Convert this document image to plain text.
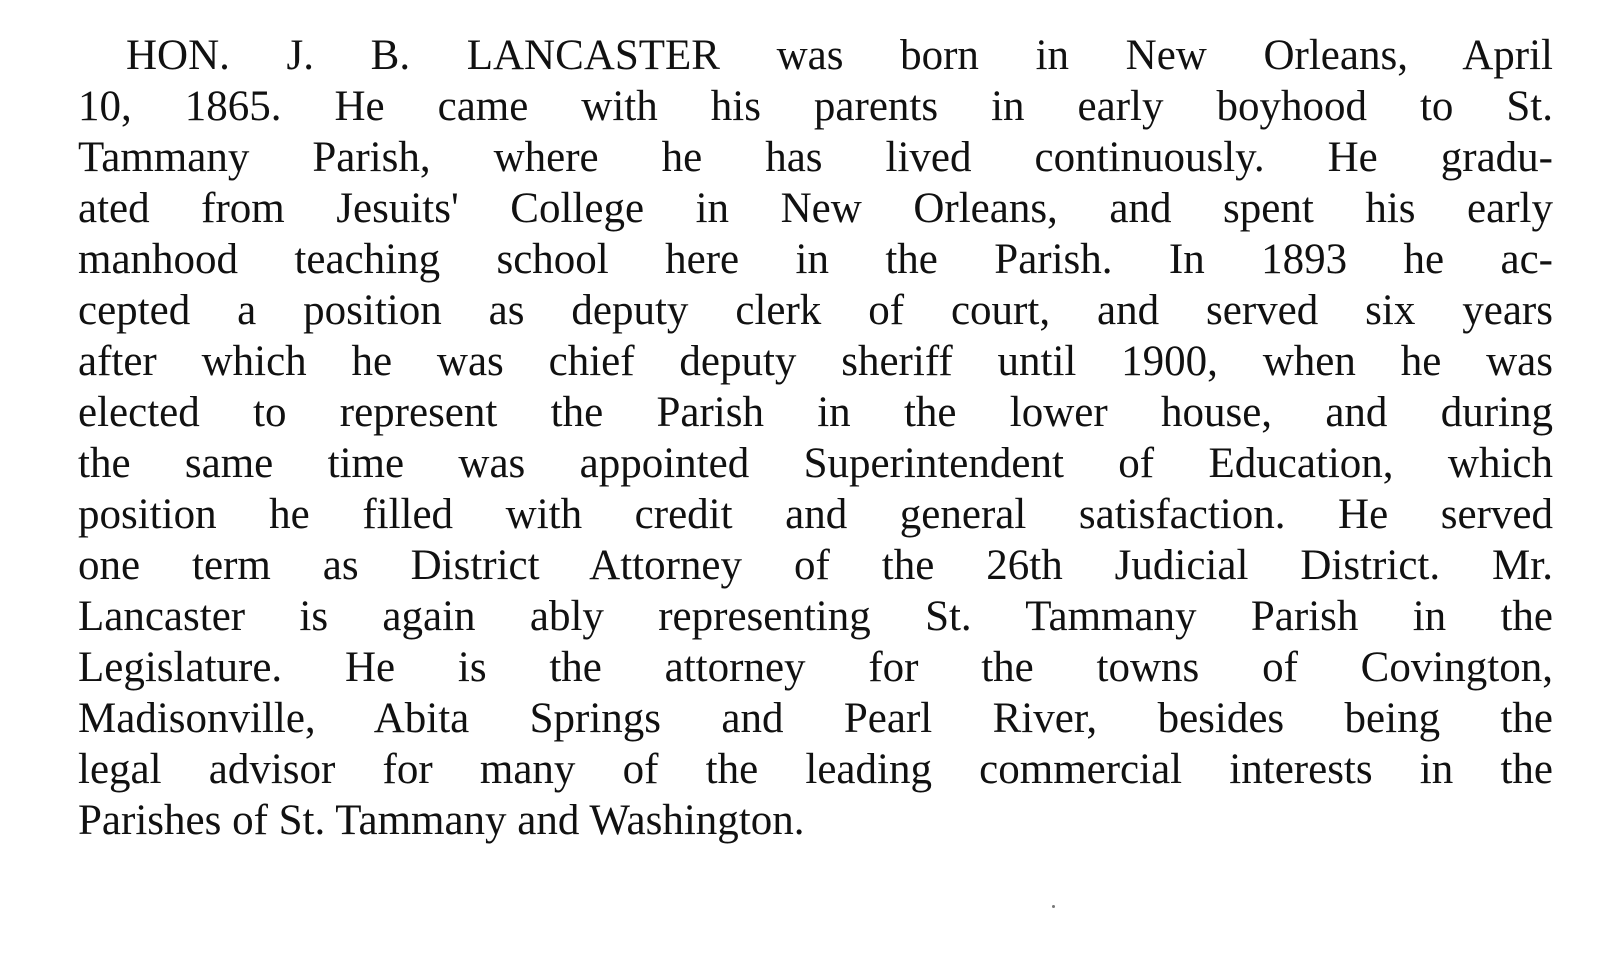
HON. J. B. LANCASTER was born in New Orleans, April
10, 1865. He came with his parents in early boyhood to St.
Tammany Parish, where he has lived continuously. He gradu-
ated from Jesuits' College in New Orleans, and spent his early
manhood teaching school here in the Parish. In 1893 he ac-
cepted a position as deputy clerk of court, and served six years
after which he was chief deputy sheriff until 1900, when he was
elected to represent the Parish in the lower house, and during
the same time was appointed Superintendent of Education, which
position he filled with credit and general satisfaction. He served
one term as District Attorney of the 26th Judicial District. Mr.
Lancaster is again ably representing St. Tammany Parish in the
Legislature. He is the attorney for the towns of Covington,
Madisonville, Abita Springs and Pearl River, besides being the
legal advisor for many of the leading commercial interests in the
Parishes of St. Tammany and Washington.
